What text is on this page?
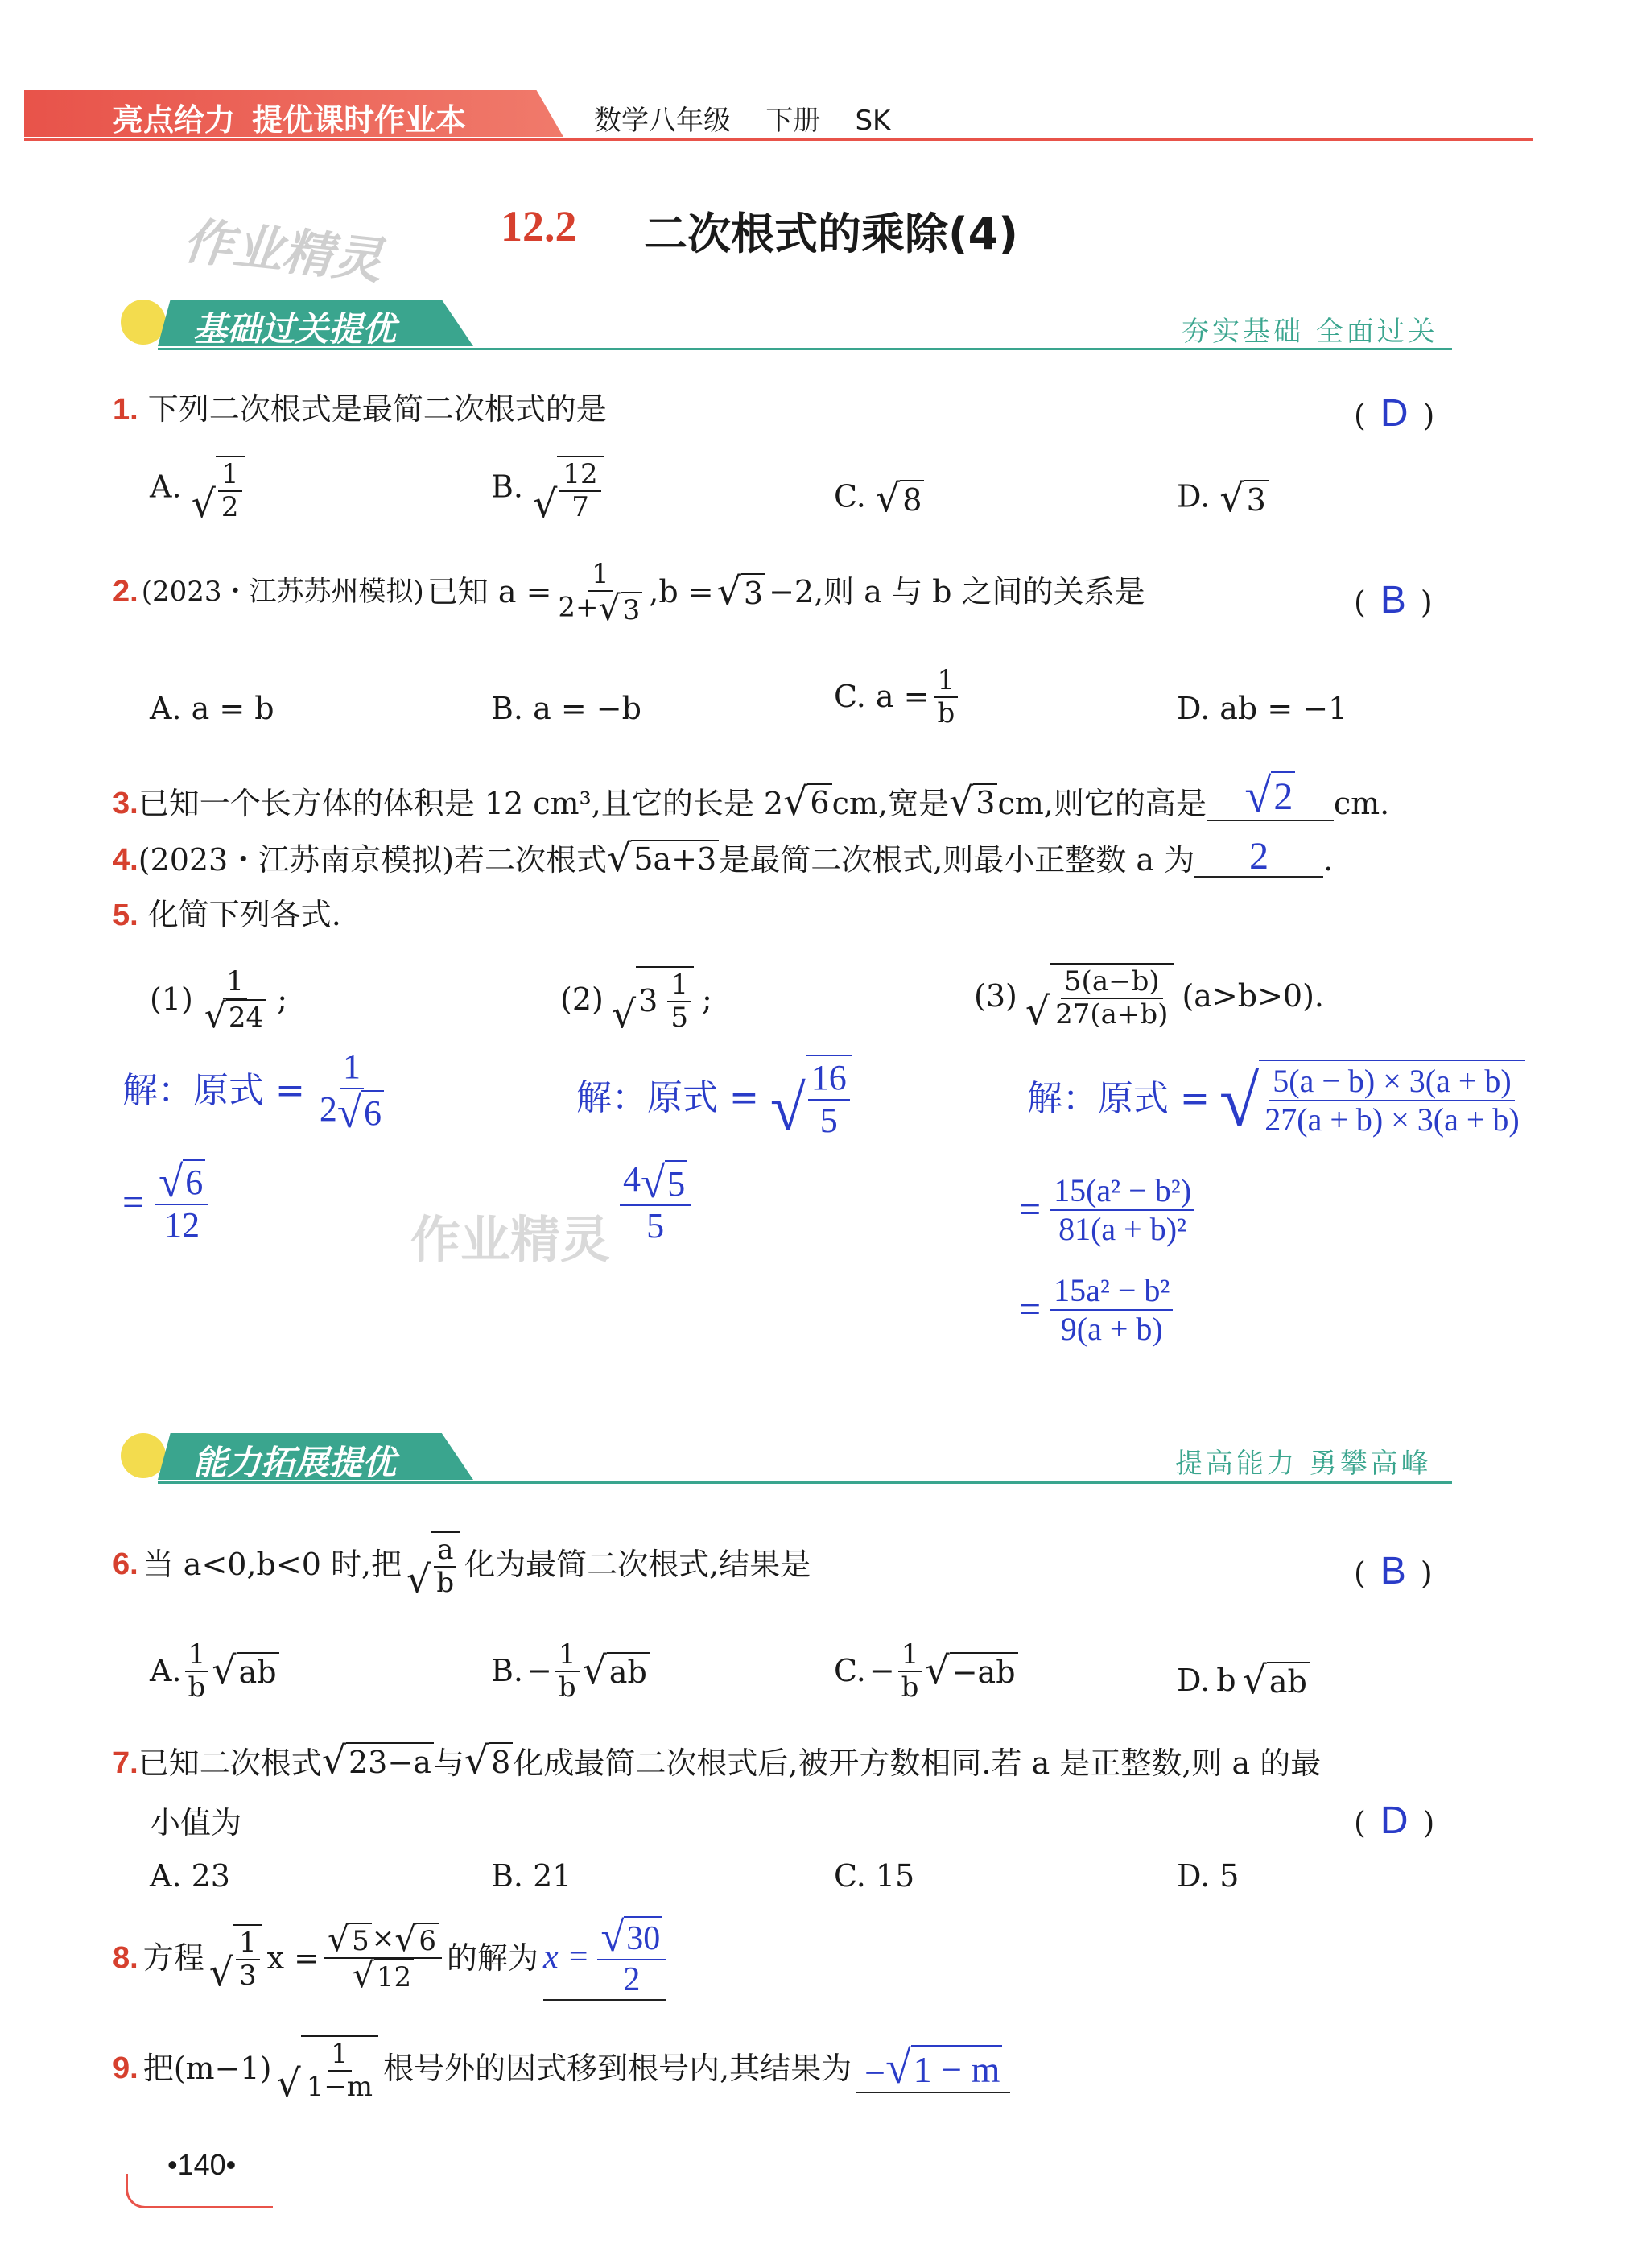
亮点给力  提优课时作业本	数学八年级    下册    SK
作业精灵	12.2 二次根式的乘除(4)
基础过关提优	夯实基础 全面过关
1. 下列二次根式是最简二次根式的是	( D )
A. √ $\frac{1}{2}$	B. √ $\frac{12}{7}$	C. √ 8	D. √ 3
2. (2023・江苏苏州模拟) 已知 $a = \frac{1}{2+ √ 3} ,b$ = √ 3 −2,则 a 与 b 之间的关系是	( B )
A. a = b	B. a = −b	C. $a = \frac{1}{b}$	D. ab = −1
3. 已知一个长方体的体积是 12 cm³,且它的长是 2 √ 6 cm,宽是 √ 3 cm,则它的高是 √ 2 cm.
4. (2023・江苏南京模拟)若二次根式 √ 5a+3 是最简二次根式,则最小正整数 a 为	2	.
5. 化简下列各式.
$(1) \frac{1}{√ 24}$ ;	(2) √ 3
$\frac{1}{5}$ ;	(3) √ $\frac{5(a-b)}{27(a+b)} (a>b>0)$.
解：原式 = $\frac{1}{2 √ 6}$
= $\frac{√ 6}{12}$
解：原式 = √ $\frac{16}{5}$
作业精灵 $\frac{4 √ 5}{5}$
解：原式 = √ $\frac{5(a - b) \times 3(a + b)}{27(a + b) \times 3(a + b)}$
= $\frac{\text{15(a² − b²)}}{\text{81(a + b)²}}$
= $\frac{\text{15a² − b²}}{9(a + b)}$
能力拓展提优	提高能力 勇攀高峰
6. 当 a<0,b<0 时,把 √ $\frac{a}{b}$ 化为最简二次根式,结果是	( B )
A. $\frac{1}{b}$ √ ab	B. − $\frac{1}{b}$ √ ab	C. − $\frac{1}{b}$ √ −ab	D. b √ ab
7. 已知二次根式 √ 23−a 与 √ 8 化成最简二次根式后,被开方数相同.若 a 是正整数,则 a 的最
小值为	( D )
A. 23	B. 21	C. 15	D. 5
8. 方程 √ $\frac{1}{3}$ $x = \frac{√ 5 \times √ 6}{√ 12}$ 的解为 $x = \frac{√ 30}{2}$
9. 把(m−1) √ $\frac{1}{1-m}$ 根号外的因式移到根号内,其结果为 − √ 1 − m
•140•
